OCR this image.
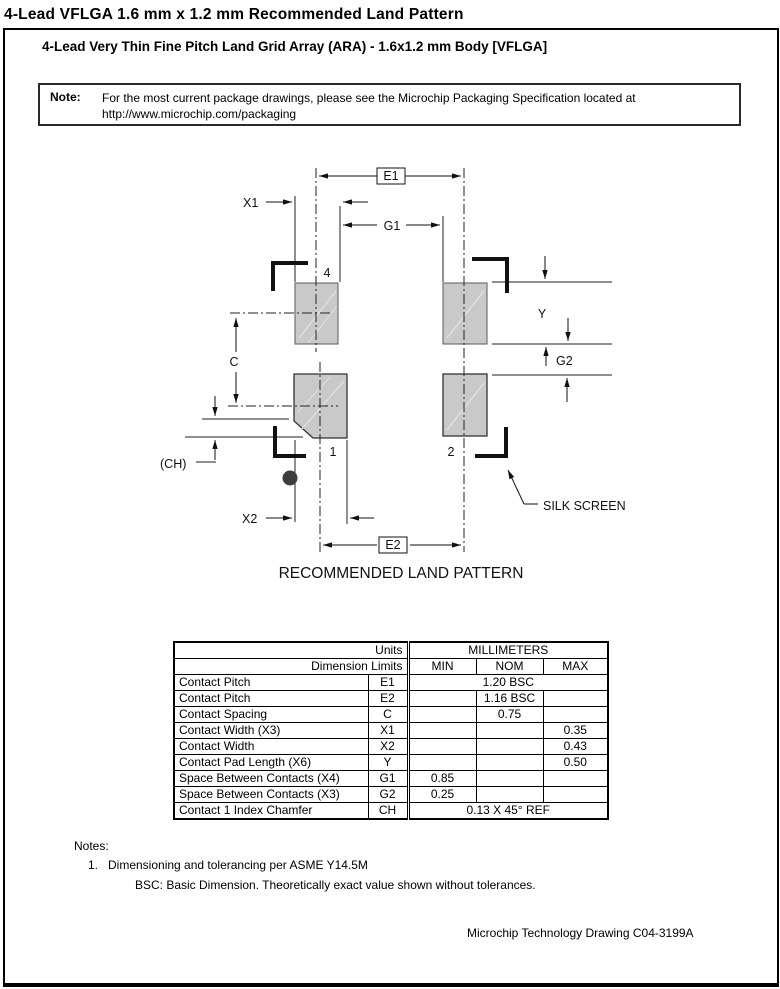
4-Lead VFLGA 1.6 mm x 1.2 mm Recommended Land Pattern
4-Lead Very Thin Fine Pitch Land Grid Array (ARA) - 1.6x1.2 mm Body [VFLGA]
Note: For the most current package drawings, please see the Microchip Packaging Specification located at
http://www.microchip.com/packaging
SILK SCREEN
E1
E2
X1
G1
4
Y
G2
C
(CH)
1	2
X2
RECOMMENDED LAND PATTERN
Units		MILLIMETERS		
Dimension Limits		MIN	NOM	MAX
Contact Pitch	E1	1.20 BSC		
Contact Pitch	E2		1.16 BSC	
Contact Spacing	C		0.75	
Contact Width (X3)	X1			0.35
Contact Width	X2			0.43
Contact Pad Length (X6)	Y			0.50
Space Between Contacts (X4)	G1	0.85		
Space Between Contacts (X3)	G2	0.25		
Contact 1 Index Chamfer	CH	0.13 X 45° REF		
Notes:
1. Dimensioning and tolerancing per ASME Y14.5M
BSC: Basic Dimension. Theoretically exact value shown without tolerances.
Microchip Technology Drawing C04-3199A
